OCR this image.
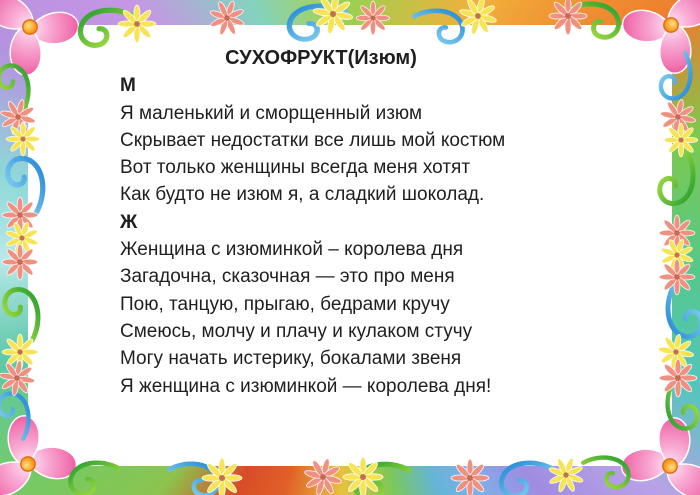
СУХОФРУКТ(Изюм)
М
Я маленький и сморщенный изюм
Скрывает недостатки все лишь мой костюм
Вот только женщины всегда меня хотят
Как будто не изюм я, а сладкий шоколад.
Ж
Женщина с изюминкой – королева дня
Загадочна, сказочная — это про меня
Пою, танцую, прыгаю, бедрами кручу
Смеюсь, молчу и плачу и кулаком стучу
Могу начать истерику, бокалами звеня
Я женщина с изюминкой — королева дня!
